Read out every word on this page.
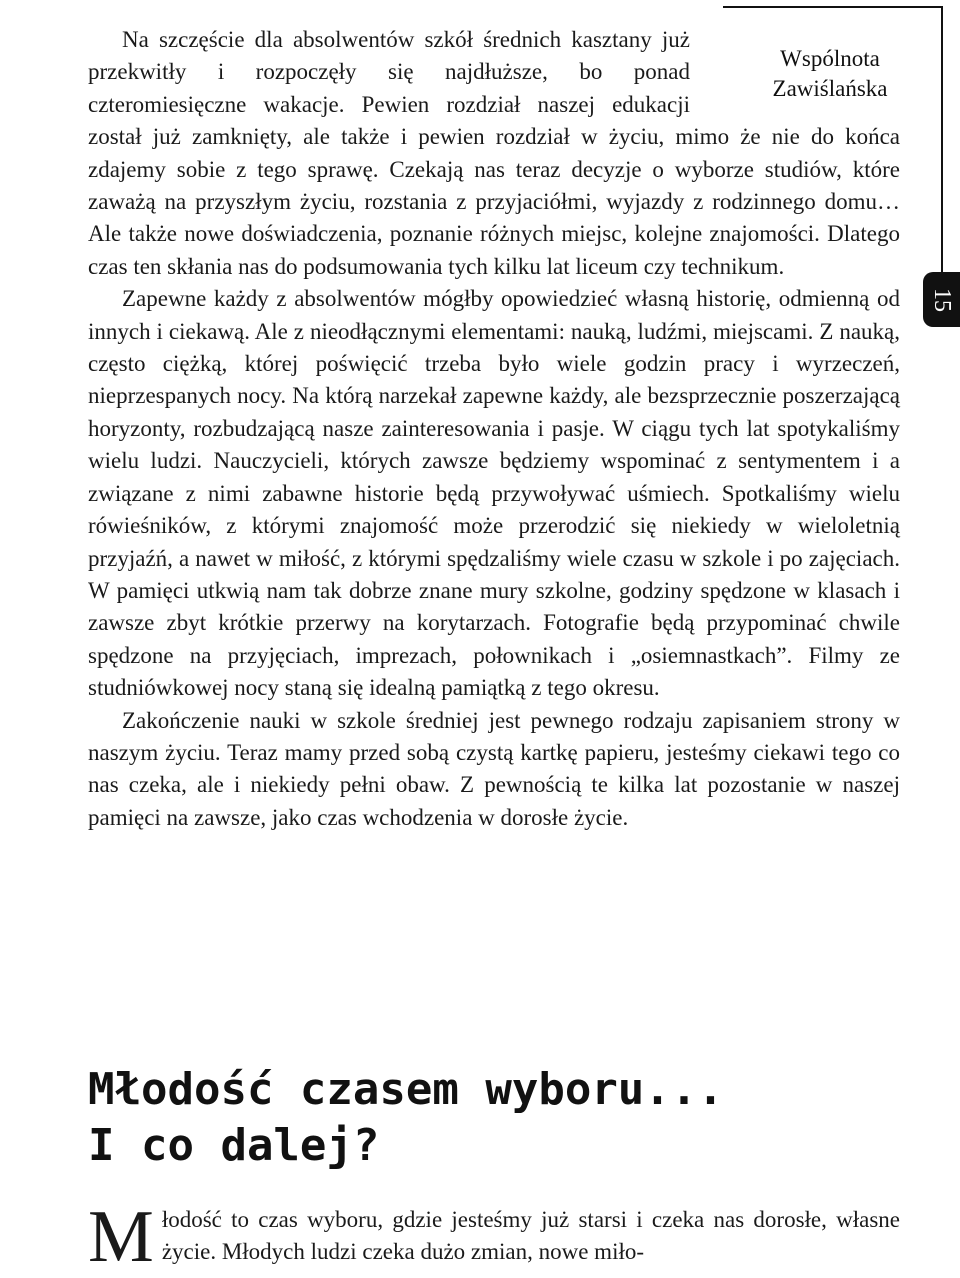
Wspólnota
Zawiślańska
15

Na szczęście dla absolwentów szkół średnich kasztany już przekwitły i rozpoczęły się najdłuższe, bo ponad czteromiesięczne wakacje. Pewien rozdział naszej edukacji został już zamknięty, ale także i pewien rozdział w życiu, mimo że nie do końca zdajemy sobie z tego sprawę. Czekają nas teraz decyzje o wyborze studiów, które zaważą na przyszłym życiu, rozstania z przyjaciółmi, wyjazdy z rodzinnego domu… Ale także nowe doświadczenia, poznanie różnych miejsc, kolejne znajomości. Dlatego czas ten skłania nas do podsumowania tych kilku lat liceum czy technikum.

Zapewne każdy z absolwentów mógłby opowiedzieć własną historię, odmienną od innych i ciekawą. Ale z nieodłącznymi elementami: nauką, ludźmi, miejscami. Z nauką, często ciężką, której poświęcić trzeba było wiele godzin pracy i wyrzeczeń, nieprzespanych nocy. Na którą narzekał zapewne każdy, ale bezsprzecznie poszerzającą horyzonty, rozbudzającą nasze zainteresowania i pasje. W ciągu tych lat spotykaliśmy wielu ludzi. Nauczycieli, których zawsze będziemy wspominać z sentymentem i a związane z nimi zabawne historie będą przywoływać uśmiech. Spotkaliśmy wielu rówieśników, z którymi znajomość może przerodzić się niekiedy w wieloletnią przyjaźń, a nawet w miłość, z którymi spędzaliśmy wiele czasu w szkole i po zajęciach. W pamięci utkwią nam tak dobrze znane mury szkolne, godziny spędzone w klasach i zawsze zbyt krótkie przerwy na korytarzach. Fotografie będą przypominać chwile spędzone na przyjęciach, imprezach, połownikach i „osiemnastkach”. Filmy ze studniówkowej nocy staną się idealną pamiątką z tego okresu.

Zakończenie nauki w szkole średniej jest pewnego rodzaju zapisaniem strony w naszym życiu. Teraz mamy przed sobą czystą kartkę papieru, jesteśmy ciekawi tego co nas czeka, ale i niekiedy pełni obaw. Z pewnością te kilka lat pozostanie w naszej pamięci na zawsze, jako czas wchodzenia w dorosłe życie.

Młodość czasem wyboru...
I co dalej?
M łodość to czas wyboru, gdzie jesteśmy już starsi i czeka nas dorosłe, własne życie. Młodych ludzi czeka dużo zmian, nowe miło-
